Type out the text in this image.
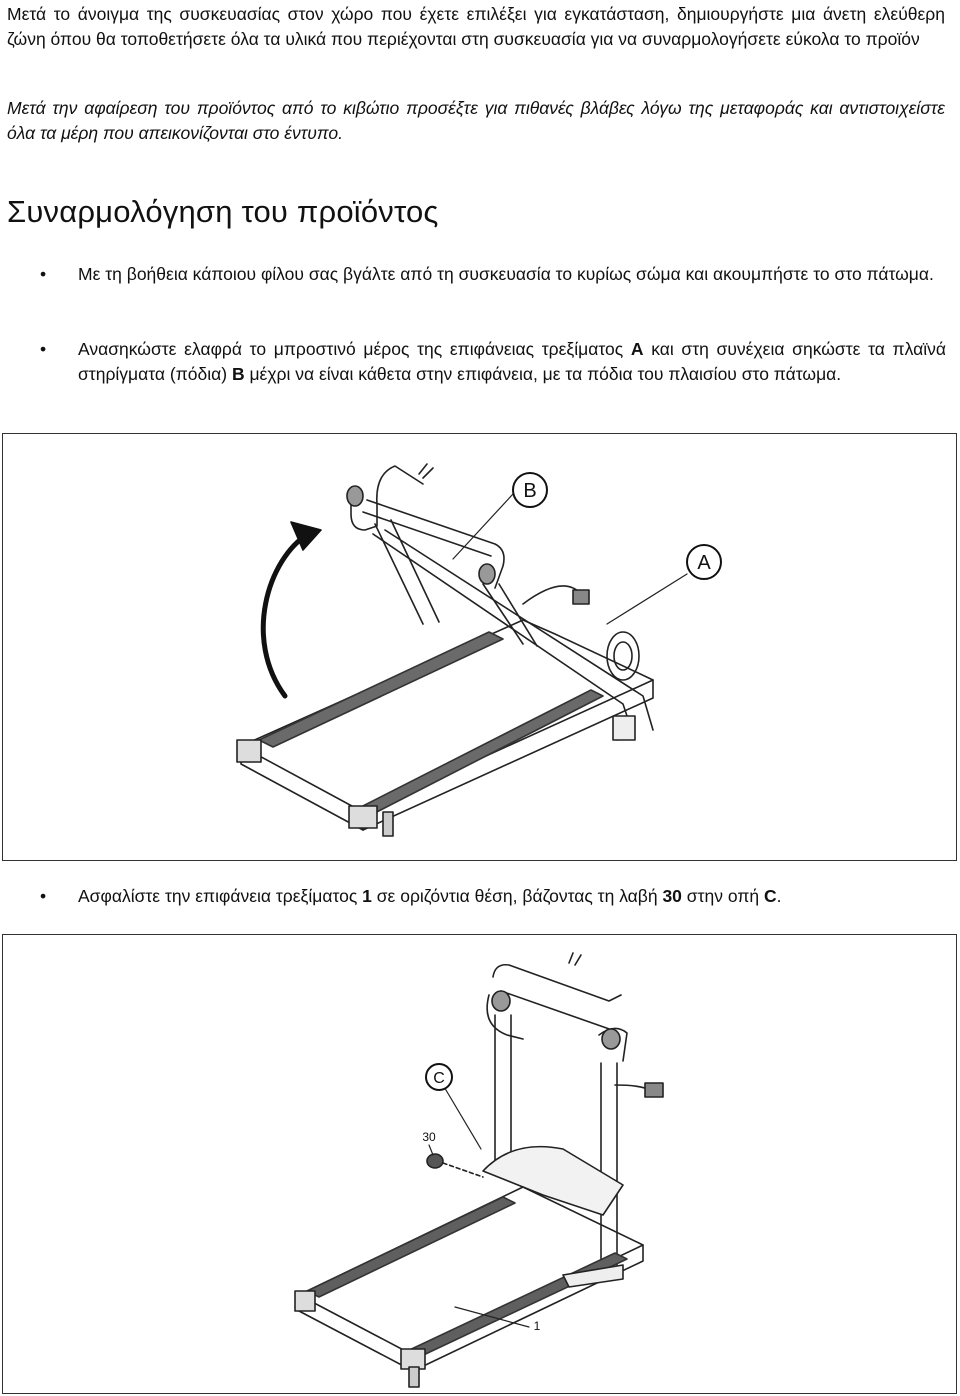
Μετά το άνοιγμα της συσκευασίας στον χώρο που έχετε επιλέξει για εγκατάσταση, δημιουργήστε μια άνετη ελεύθερη ζώνη όπου θα τοποθετήσετε όλα τα υλικά που περιέχονται στη συσκευασία για να συναρμολογήσετε εύκολα το προϊόν

Μετά την αφαίρεση του προϊόντος από το κιβώτιο προσέξτε για πιθανές βλάβες λόγω της μεταφοράς και αντιστοιχείστε όλα τα μέρη που απεικονίζονται στο έντυπο.

Συναρμολόγηση του προϊόντος
• Με τη βοήθεια κάποιου φίλου σας βγάλτε από τη συσκευασία το κυρίως σώμα και ακουμπήστε το στο πάτωμα.
• Ανασηκώστε ελαφρά το μπροστινό μέρος της επιφάνειας τρεξίματος A και στη συνέχεια σηκώστε τα πλαϊνά στηρίγματα (πόδια) B μέχρι να είναι κάθετα στην επιφάνεια, με τα πόδια του πλαισίου στο πάτωμα.
B
A
• Ασφαλίστε την επιφάνεια τρεξίματος 1 σε οριζόντια θέση, βάζοντας τη λαβή 30 στην οπή C.
C
30
1
